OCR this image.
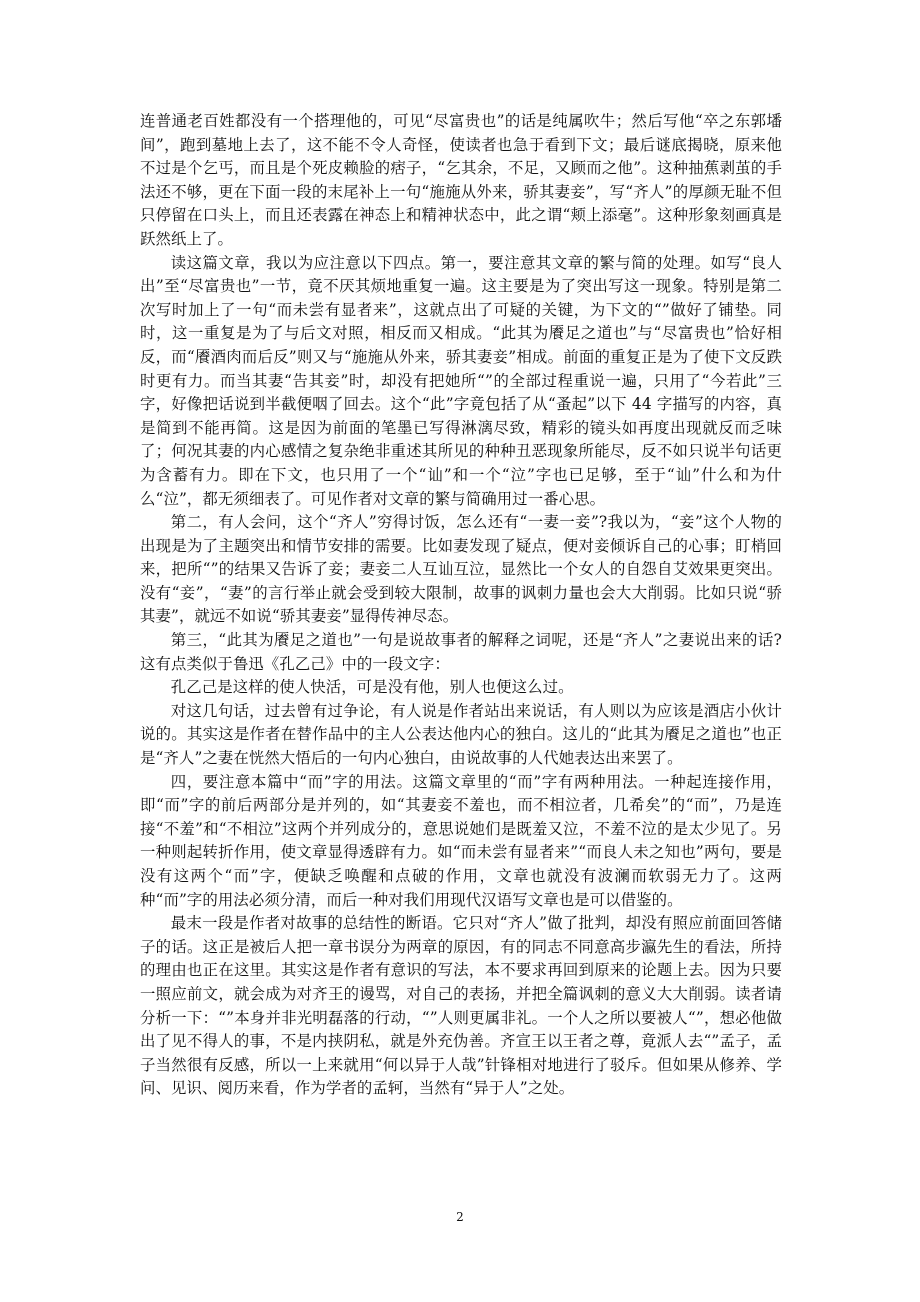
连普通老百姓都没有一个搭理他的，可见“尽富贵也”的话是纯属吹牛；然后写他“卒之东郭墦间”，跑到墓地上去了，这不能不令人奇怪，使读者也急于看到下文；最后谜底揭晓，原来他不过是个乞丐，而且是个死皮赖脸的痞子，“乞其余，不足，又顾而之他”。这种抽蕉剥茧的手法还不够，更在下面一段的末尾补上一句“施施从外来，骄其妻妾”，写“齐人”的厚颜无耻不但只停留在口头上，而且还表露在神态上和精神状态中，此之谓“颊上添毫”。这种形象刻画真是跃然纸上了。

读这篇文章，我以为应注意以下四点。第一，要注意其文章的繁与简的处理。如写“良人出”至“尽富贵也”一节，竟不厌其烦地重复一遍。这主要是为了突出写这一现象。特别是第二次写时加上了一句“而未尝有显者来”，这就点出了可疑的关键，为下文的“”做好了铺垫。同时，这一重复是为了与后文对照，相反而又相成。“此其为餍足之道也”与“尽富贵也”恰好相反，而“餍酒肉而后反”则又与“施施从外来，骄其妻妾”相成。前面的重复正是为了使下文反跌时更有力。而当其妻“告其妾”时，却没有把她所“”的全部过程重说一遍，只用了“今若此”三字，好像把话说到半截便咽了回去。这个“此”字竟包括了从“蚤起”以下 44 字描写的内容，真是简到不能再简。这是因为前面的笔墨已写得淋漓尽致，精彩的镜头如再度出现就反而乏味了；何况其妻的内心感情之复杂绝非重述其所见的种种丑恶现象所能尽，反不如只说半句话更为含蓄有力。即在下文，也只用了一个“讪”和一个“泣”字也已足够，至于“讪”什么和为什么“泣”，都无须细表了。可见作者对文章的繁与简确用过一番心思。

第二，有人会问，这个“齐人”穷得讨饭，怎么还有“一妻一妾”?我以为，“妾”这个人物的出现是为了主题突出和情节安排的需要。比如妻发现了疑点，便对妾倾诉自己的心事；盯梢回来，把所“”的结果又告诉了妾；妻妾二人互讪互泣，显然比一个女人的自怨自艾效果更突出。没有“妾”，“妻”的言行举止就会受到较大限制，故事的讽刺力量也会大大削弱。比如只说“骄其妻”，就远不如说“骄其妻妾”显得传神尽态。

第三，“此其为餍足之道也”一句是说故事者的解释之词呢，还是“齐人”之妻说出来的话?这有点类似于鲁迅《孔乙己》中的一段文字：

孔乙己是这样的使人快活，可是没有他，别人也便这么过。

对这几句话，过去曾有过争论，有人说是作者站出来说话，有人则以为应该是酒店小伙计说的。其实这是作者在替作品中的主人公表达他内心的独白。这儿的“此其为餍足之道也”也正是“齐人”之妻在恍然大悟后的一句内心独白，由说故事的人代她表达出来罢了。

四，要注意本篇中“而”字的用法。这篇文章里的“而”字有两种用法。一种起连接作用，即“而”字的前后两部分是并列的，如“其妻妾不羞也，而不相泣者，几希矣”的“而”，乃是连接“不羞”和“不相泣”这两个并列成分的，意思说她们是既羞又泣，不羞不泣的是太少见了。另一种则起转折作用，使文章显得透辟有力。如“而未尝有显者来”“而良人未之知也”两句，要是没有这两个“而”字，便缺乏唤醒和点破的作用，文章也就没有波澜而软弱无力了。这两种“而”字的用法必须分清，而后一种对我们用现代汉语写文章也是可以借鉴的。

最末一段是作者对故事的总结性的断语。它只对“齐人”做了批判，却没有照应前面回答储子的话。这正是被后人把一章书误分为两章的原因，有的同志不同意高步瀛先生的看法，所持的理由也正在这里。其实这是作者有意识的写法，本不要求再回到原来的论题上去。因为只要一照应前文，就会成为对齐王的谩骂，对自己的表扬，并把全篇讽刺的意义大大削弱。读者请分析一下：“”本身并非光明磊落的行动，“”人则更属非礼。一个人之所以要被人“”，想必他做出了见不得人的事，不是内挟阴私，就是外充伪善。齐宣王以王者之尊，竟派人去“”孟子，孟子当然很有反感，所以一上来就用“何以异于人哉”针锋相对地进行了驳斥。但如果从修养、学问、见识、阅历来看，作为学者的孟轲，当然有“异于人”之处。

2
